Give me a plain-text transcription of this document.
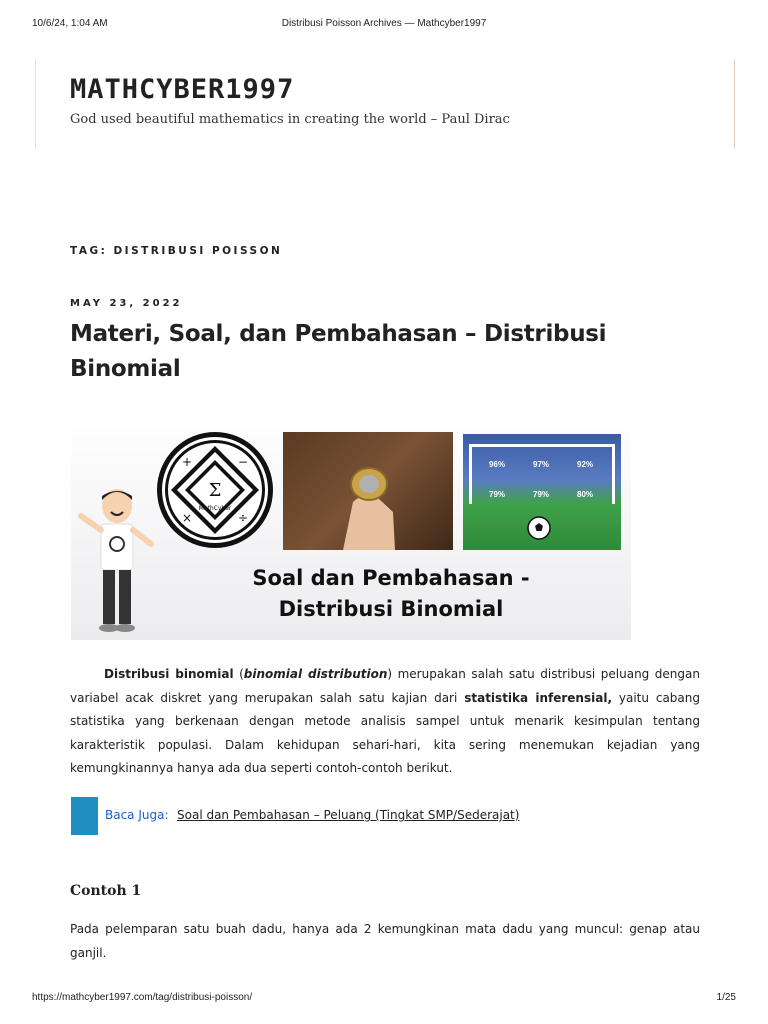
10/6/24, 1:04 AM	Distribusi Poisson Archives — Mathcyber1997
MATHCYBER1997
God used beautiful mathematics in creating the world – Paul Dirac
TAG: DISTRIBUSI POISSON
MAY 23, 2022
Materi, Soal, dan Pembahasan – Distribusi Binomial
Σ
MathCyber
+	−
×	÷
96%	97%	92%
79%	79%	80%
Soal dan Pembahasan -
Distribusi Binomial

Distribusi binomial (binomial distribution) merupakan salah satu distribusi peluang dengan variabel acak diskret yang merupakan salah satu kajian dari statistika inferensial, yaitu cabang statistika yang berkenaan dengan metode analisis sampel untuk menarik kesimpulan tentang karakteristik populasi. Dalam kehidupan sehari-hari, kita sering menemukan kejadian yang kemungkinannya hanya ada dua seperti contoh-contoh berikut.

Baca Juga: Soal dan Pembahasan – Peluang (Tingkat SMP/Sederajat)
Contoh 1

Pada pelemparan satu buah dadu, hanya ada 2 kemungkinan mata dadu yang muncul: genap atau ganjil.

https://mathcyber1997.com/tag/distribusi-poisson/	1/25
